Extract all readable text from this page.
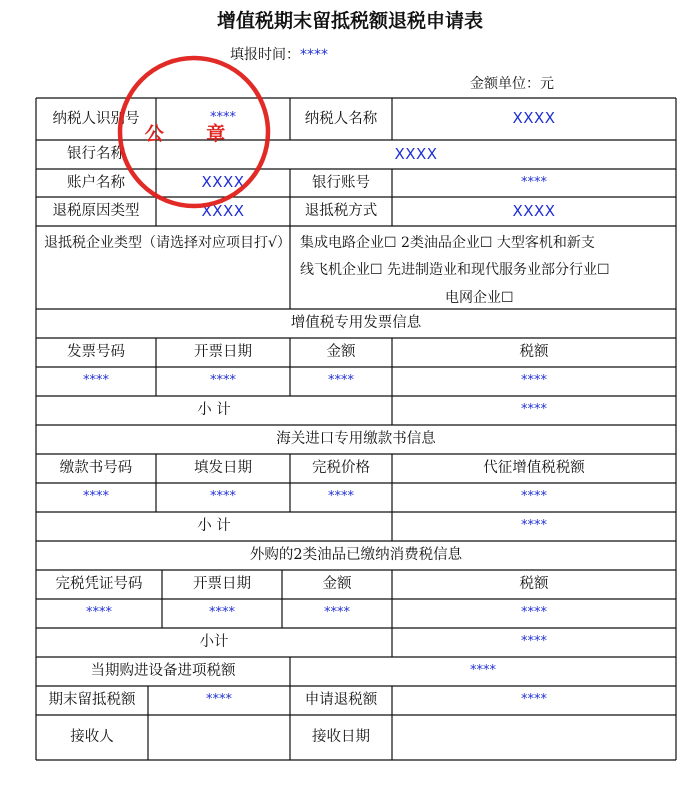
增值税期末留抵税额退税申请表
填报时间：****
金额单位：元
纳税人识别号	****	纳税人名称	XXXX
银行名称	XXXX
账户名称	XXXX	银行账号	****
退税原因类型	XXXX	退抵税方式	XXXX
退抵税企业类型（请选择对应项目打√） 集成电路企业☐ 2类油品企业☐ 大型客机和新支
线飞机企业☐ 先进制造业和现代服务业部分行业☐
电网企业☐
增值税专用发票信息
发票号码	开票日期	金额	税额
****	****	****	****
小 计	****
海关进口专用缴款书信息
缴款书号码	填发日期	完税价格	代征增值税税额
****	****	****	****
小 计	****
外购的2类油品已缴纳消费税信息
完税凭证号码	开票日期	金额	税额
****	****	****	****
小计	****
当期购进设备进项税额	****
期末留抵税额	****	申请退税额	****
接收人	接收日期
公 章
